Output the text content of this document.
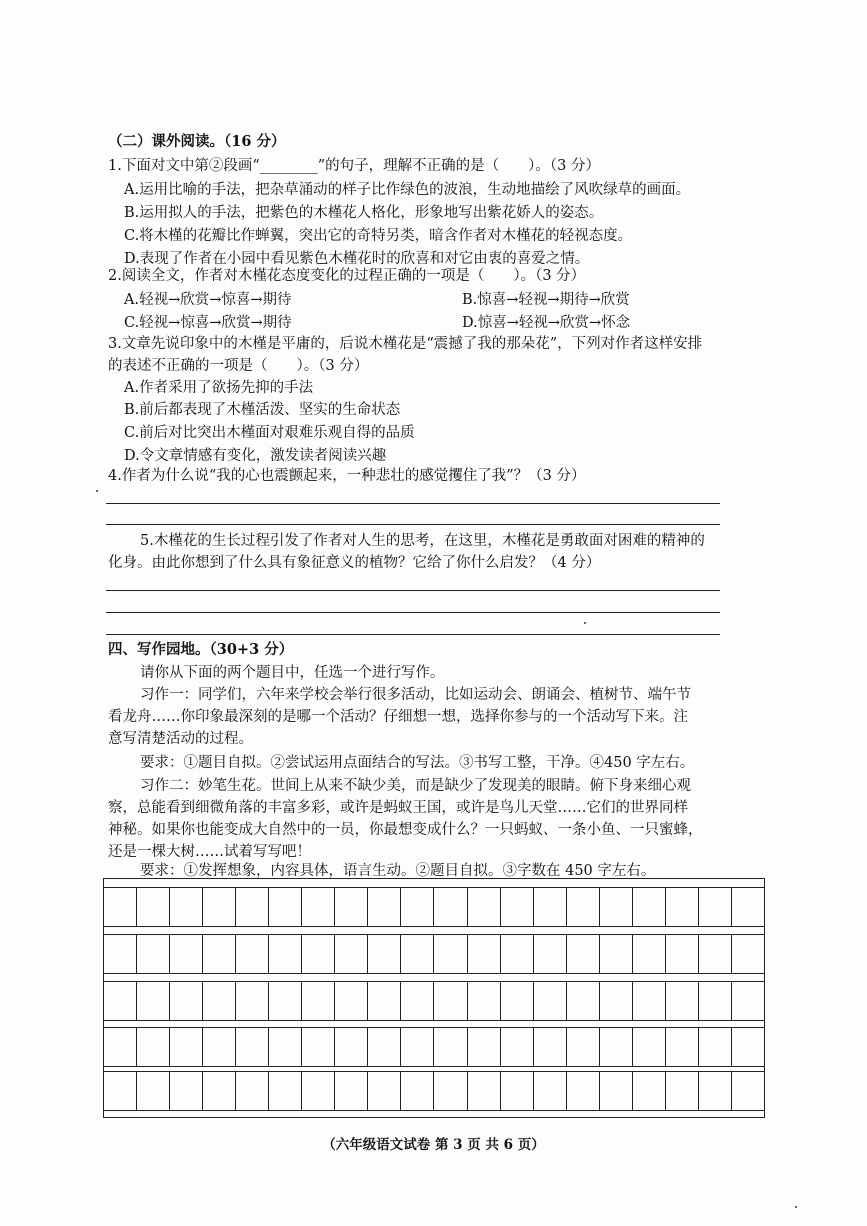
（二）课外阅读。（16 分）
1.下面对文中第②段画“________”的句子，理解不正确的是（　　）。（3 分）
A.运用比喻的手法，把杂草涌动的样子比作绿色的波浪，生动地描绘了风吹绿草的画面。
B.运用拟人的手法，把紫色的木槿花人格化，形象地写出紫花娇人的姿态。
C.将木槿的花瓣比作蝉翼，突出它的奇特另类，暗含作者对木槿花的轻视态度。
D.表现了作者在小园中看见紫色木槿花时的欣喜和对它由衷的喜爱之情。
2.阅读全文，作者对木槿花态度变化的过程正确的一项是（　　）。（3 分）
A.轻视→欣赏→惊喜→期待	B.惊喜→轻视→期待→欣赏
C.轻视→惊喜→欣赏→期待	D.惊喜→轻视→欣赏→怀念
3.文章先说印象中的木槿是平庸的，后说木槿花是“震撼了我的那朵花”，下列对作者这样安排
的表述不正确的一项是（　　）。（3 分）
A.作者采用了欲扬先抑的手法
B.前后都表现了木槿活泼、坚实的生命状态
C.前后对比突出木槿面对艰难乐观自得的品质
D.令文章情感有变化，激发读者阅读兴趣
4.作者为什么说“我的心也震颤起来，一种悲壮的感觉攫住了我”？（3 分）
5.木槿花的生长过程引发了作者对人生的思考，在这里，木槿花是勇敢面对困难的精神的
化身。由此你想到了什么具有象征意义的植物？它给了你什么启发？（4 分）
四、写作园地。（30+3 分）
请你从下面的两个题目中，任选一个进行写作。
习作一：同学们，六年来学校会举行很多活动，比如运动会、朗诵会、植树节、端午节
看龙舟……你印象最深刻的是哪一个活动？仔细想一想，选择你参与的一个活动写下来。注
意写清楚活动的过程。
要求：①题目自拟。②尝试运用点面结合的写法。③书写工整，干净。④450 字左右。
习作二：妙笔生花。世间上从来不缺少美，而是缺少了发现美的眼睛。俯下身来细心观
察，总能看到细微角落的丰富多彩，或许是蚂蚁王国，或许是鸟儿天堂……它们的世界同样
神秘。如果你也能变成大自然中的一员，你最想变成什么？一只蚂蚁、一条小鱼、一只蜜蜂，
还是一棵大树……试着写写吧！
要求：①发挥想象，内容具体，语言生动。②题目自拟。③字数在 450 字左右。
（六年级语文试卷 第 3 页 共 6 页）
